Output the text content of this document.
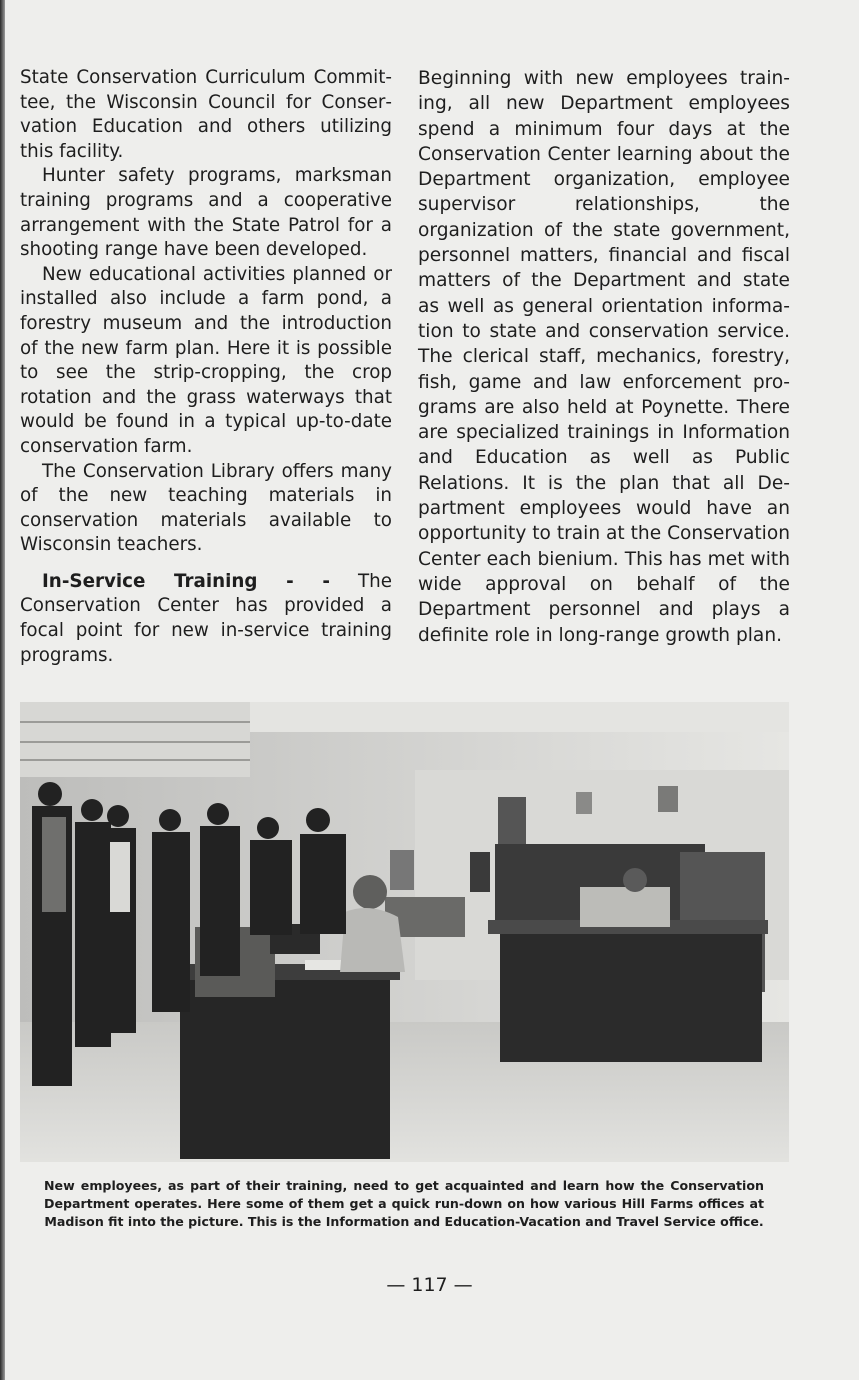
State Conservation Curriculum Committee, the Wisconsin Council for Conservation Education and others utilizing this facility.

Hunter safety programs, marksman training programs and a cooperative arrangement with the State Patrol for a shooting range have been developed.

New educational activities planned or installed also include a farm pond, a forestry museum and the introduction of the new farm plan. Here it is possible to see the strip-cropping, the crop rotation and the grass waterways that would be found in a typical up-to-date conservation farm.

The Conservation Library offers many of the new teaching materials in conservation materials available to Wisconsin teachers.

In-Service Training - - The Conservation Center has provided a focal point for new in-service training programs.

Beginning with new employees training, all new Department employees spend a minimum four days at the Conservation Center learning about the Department organization, employee supervisor relationships, the organization of the state government, personnel matters, financial and fiscal matters of the Department and state as well as general orientation information to state and conservation service. The clerical staff, mechanics, forestry, fish, game and law enforcement programs are also held at Poynette. There are specialized trainings in Information and Education as well as Public Relations. It is the plan that all Department employees would have an opportunity to train at the Conservation Center each bienium. This has met with wide approval on behalf of the Department personnel and plays a definite role in long-range growth plan.

New employees, as part of their training, need to get acquainted and learn how the Conservation Department operates. Here some of them get a quick run-down on how various Hill Farms offices at Madison fit into the picture. This is the Information and Education-Vacation and Travel Service office.
— 117 —
